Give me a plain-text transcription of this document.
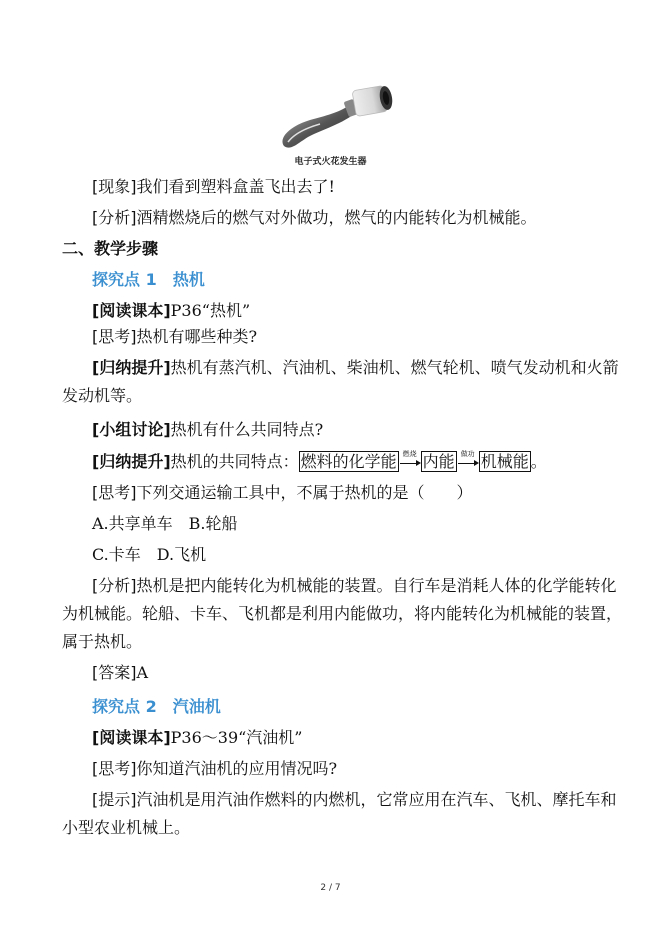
电子式火花发生器
[现象]我们看到塑料盒盖飞出去了!
[分析]酒精燃烧后的燃气对外做功，燃气的内能转化为机械能。
二、教学步骤
探究点 1　热机
[阅读课本]P36“热机”
[思考]热机有哪些种类?
[归纳提升]热机有蒸汽机、汽油机、柴油机、燃气轮机、喷气发动机和火箭
发动机等。
[小组讨论]热机有什么共同特点?
[归纳提升]热机的共同特点： 燃料的化学能 燃烧 内能 做功 机械能 。
[思考]下列交通运输工具中，不属于热机的是（　　）
A.共享单车　B.轮船
C.卡车　D.飞机
[分析]热机是把内能转化为机械能的装置。自行车是消耗人体的化学能转化
为机械能。轮船、卡车、飞机都是利用内能做功，将内能转化为机械能的装置，
属于热机。
[答案]A
探究点 2　汽油机
[阅读课本]P36～39“汽油机”
[思考]你知道汽油机的应用情况吗?
[提示]汽油机是用汽油作燃料的内燃机，它常应用在汽车、飞机、摩托车和
小型农业机械上。
2 / 7
